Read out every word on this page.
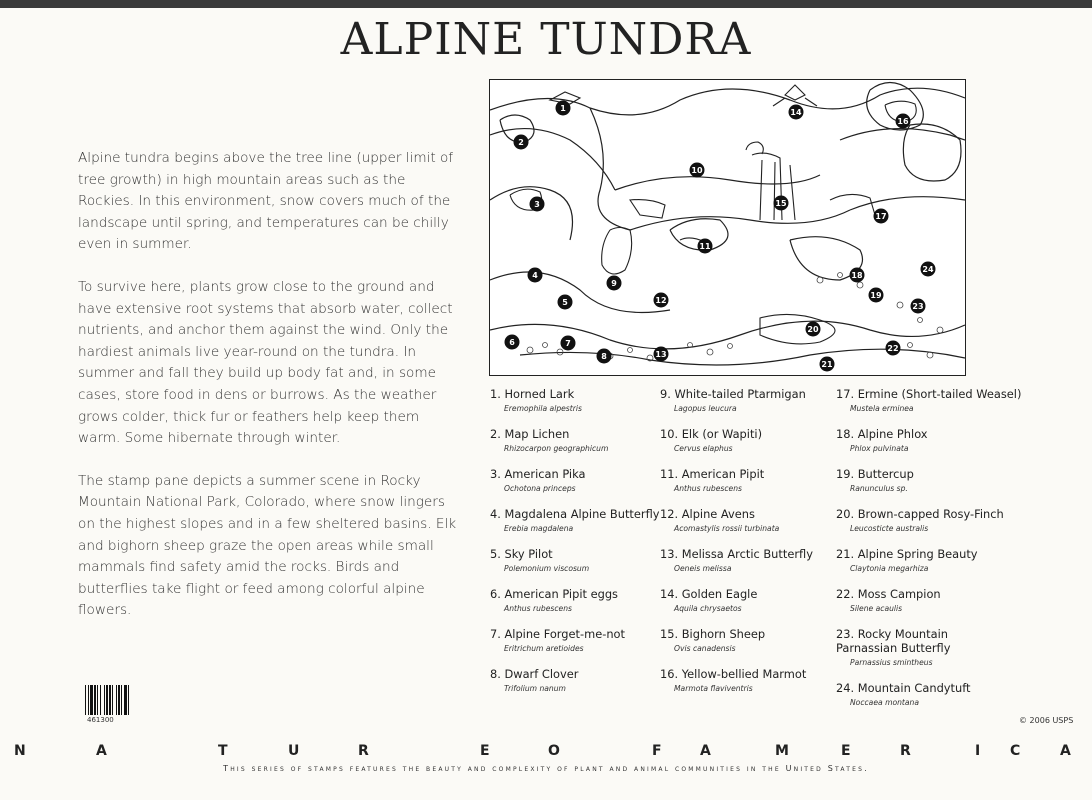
ALPINE TUNDRA

Alpine tundra begins above the tree line (upper limit of tree growth) in high mountain areas such as the Rockies. In this environment, snow covers much of the landscape until spring, and temperatures can be chilly even in summer.

To survive here, plants grow close to the ground and have extensive root systems that absorb water, collect nutrients, and anchor them against the wind. Only the hardiest animals live year-round on the tundra. In summer and fall they build up body fat and, in some cases, store food in dens or burrows. As the weather grows colder, thick fur or feathers help keep them warm. Some hibernate through winter.

The stamp pane depicts a summer scene in Rocky Mountain National Park, Colorado, where snow lingers on the highest slopes and in a few sheltered basins. Elk and bighorn sheep graze the open areas while small mammals find safety amid the rocks. Birds and butterflies take flight or feed among colorful alpine flowers.

1
2
3
4
5
6	7
8
9
10
11
12
13
14
15
16
17
18
19
20
21
22
23
24
1. Horned Lark
Eremophila alpestris
2. Map Lichen
Rhizocarpon geographicum
3. American Pika
Ochotona princeps
4. Magdalena Alpine Butterfly
Erebia magdalena
5. Sky Pilot
Polemonium viscosum
6. American Pipit eggs
Anthus rubescens
7. Alpine Forget-me-not
Eritrichum aretioides
8. Dwarf Clover
Trifolium nanum
9. White-tailed Ptarmigan
Lagopus leucura
10. Elk (or Wapiti)
Cervus elaphus
11. American Pipit
Anthus rubescens
12. Alpine Avens
Acomastylis rossii turbinata
13. Melissa Arctic Butterfly
Oeneis melissa
14. Golden Eagle
Aquila chrysaetos
15. Bighorn Sheep
Ovis canadensis
16. Yellow-bellied Marmot
Marmota flaviventris
17. Ermine (Short-tailed Weasel)
Mustela erminea
18. Alpine Phlox
Phlox pulvinata
19. Buttercup
Ranunculus sp.
20. Brown-capped Rosy-Finch
Leucosticte australis
21. Alpine Spring Beauty
Claytonia megarhiza
22. Moss Campion
Silene acaulis
23. Rocky Mountain Parnassian Butterfly
Parnassius smintheus
24. Mountain Candytuft
Noccaea montana
461300	© 2006 USPS
N	A	T	U	R	E	O	F	A	M	E	R	I C	A
This series of stamps features the beauty and complexity of plant and animal communities in the United States.
